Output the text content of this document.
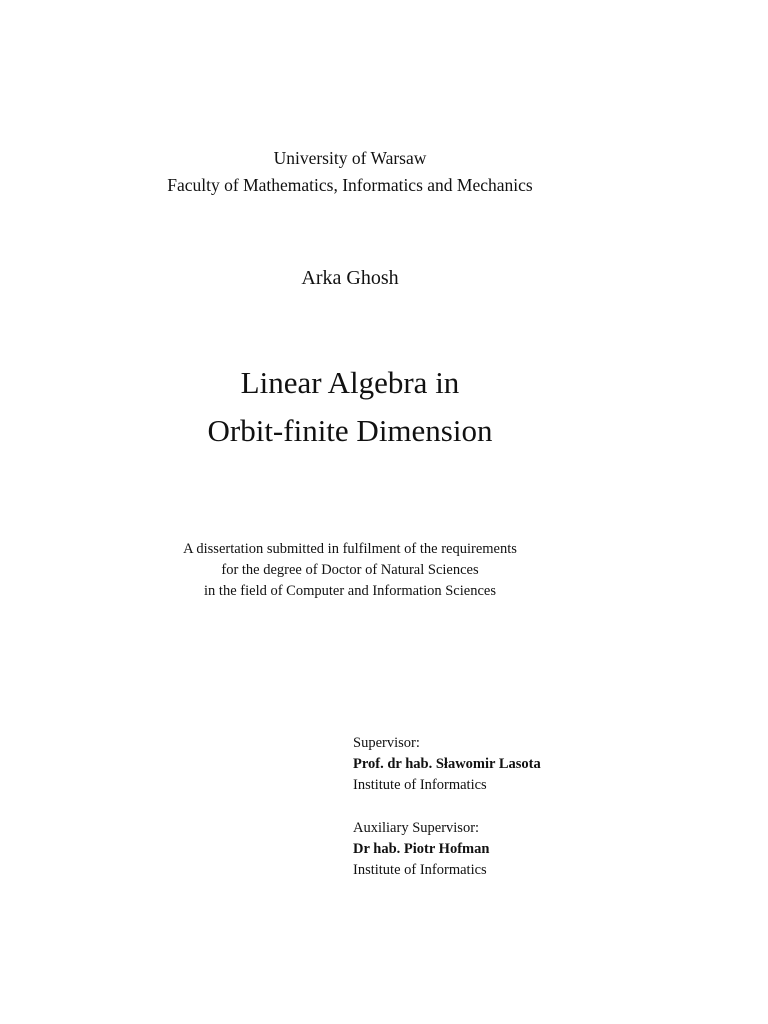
University of Warsaw
Faculty of Mathematics, Informatics and Mechanics
Arka Ghosh
Linear Algebra in
Orbit-finite Dimension
A dissertation submitted in fulfilment of the requirements
for the degree of Doctor of Natural Sciences
in the field of Computer and Information Sciences
Supervisor:
Prof. dr hab. Sławomir Lasota
Institute of Informatics
Auxiliary Supervisor:
Dr hab. Piotr Hofman
Institute of Informatics
